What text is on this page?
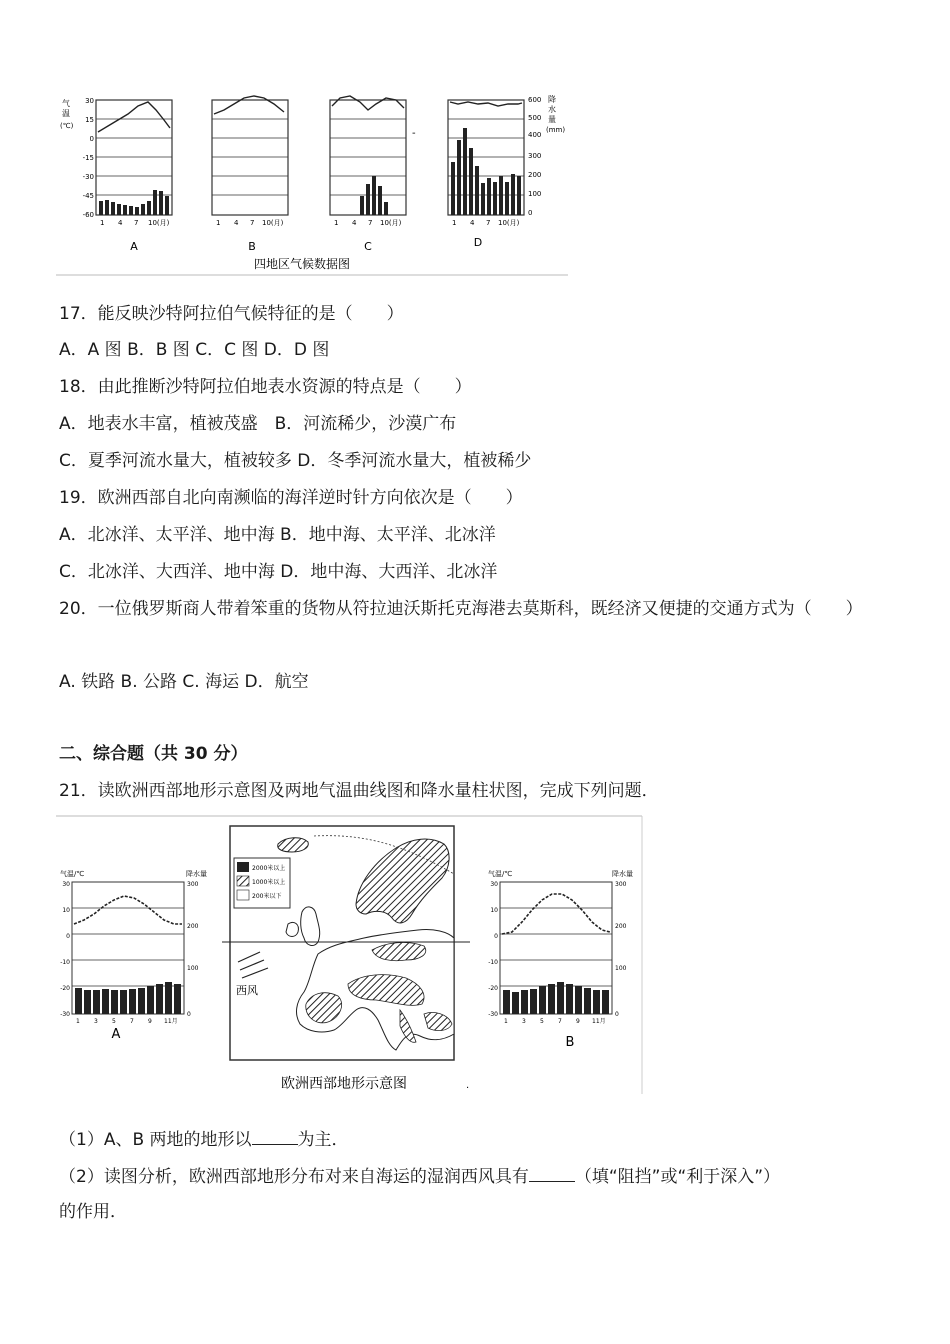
气
温
(℃)
30
15
0
-15
-30
-45
-60
1 4 7 10(月)
A
1 4 7 10(月)
B
-
1 4 7 10(月)
C
1 4 7 10(月)
D
600
500
400
300
200
100
0
降
水
量
(mm)
四地区气候数据图
17．能反映沙特阿拉伯气候特征的是（　　）
A．A 图 B．B 图 C．C 图 D．D 图
18．由此推断沙特阿拉伯地表水资源的特点是（　　）
A．地表水丰富，植被茂盛　B．河流稀少，沙漠广布
C．夏季河流水量大，植被较多 D．冬季河流水量大，植被稀少
19．欧洲西部自北向南濒临的海洋逆时针方向依次是（　　）
A．北冰洋、太平洋、地中海 B．地中海、太平洋、北冰洋
C．北冰洋、大西洋、地中海 D．地中海、大西洋、北冰洋
20．一位俄罗斯商人带着笨重的货物从符拉迪沃斯托克海港去莫斯科，既经济又便捷的交通方式为（　　）
A. 铁路 B. 公路 C. 海运 D．航空
二、综合题（共 30 分）
21．读欧洲西部地形示意图及两地气温曲线图和降水量柱状图，完成下列问题．
气温/℃	降水量
30
10
0
-10
-20
-30
300
200
100
0
1 3 5 7 9 11月
A
2000米以上
1000米以上
200米以下
西风
欧洲西部地形示意图	.
气温/℃	降水量
30
10
0
-10
-20
-30
300
200
100
0
1 3 5 7 9 11月
B
（1）A、B 两地的地形以	为主．
（2）读图分析，欧洲西部地形分布对来自海运的湿润西风具有	（填“阻挡”或“利于深入”）
的作用．
